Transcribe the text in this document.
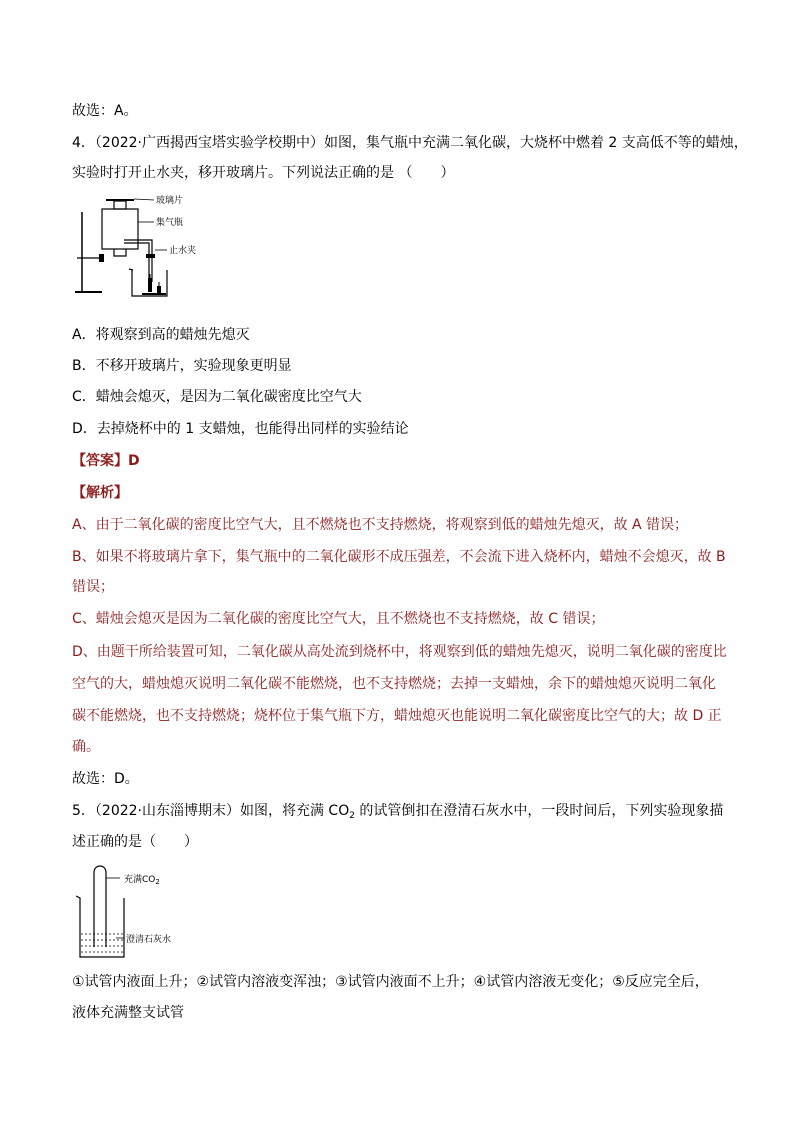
故选：A。
4．（2022·广西揭西宝塔实验学校期中）如图，集气瓶中充满二氧化碳，大烧杯中燃着 2 支高低不等的蜡烛，
实验时打开止水夹，移开玻璃片。下列说法正确的是 （　　）
玻璃片
集气瓶
止水夹
A．将观察到高的蜡烛先熄灭
B．不移开玻璃片，实验现象更明显
C．蜡烛会熄灭，是因为二氧化碳密度比空气大
D．去掉烧杯中的 1 支蜡烛，也能得出同样的实验结论
【答案】D
【解析】
A、由于二氧化碳的密度比空气大，且不燃烧也不支持燃烧，将观察到低的蜡烛先熄灭，故 A 错误；
B、如果不将玻璃片拿下，集气瓶中的二氧化碳形不成压强差，不会流下进入烧杯内，蜡烛不会熄灭，故 B
错误；
C、蜡烛会熄灭是因为二氧化碳的密度比空气大，且不燃烧也不支持燃烧，故 C 错误；
D、由题干所给装置可知，二氧化碳从高处流到烧杯中，将观察到低的蜡烛先熄灭，说明二氧化碳的密度比
空气的大，蜡烛熄灭说明二氧化碳不能燃烧，也不支持燃烧；去掉一支蜡烛，余下的蜡烛熄灭说明二氧化
碳不能燃烧，也不支持燃烧；烧杯位于集气瓶下方，蜡烛熄灭也能说明二氧化碳密度比空气的大；故 D 正
确。
故选：D。
5．（2022·山东淄博期末）如图，将充满 $CO_2$ 的试管倒扣在澄清石灰水中，一段时间后，下列实验现象描
述正确的是（　　）
充满$CO_2$
澄清石灰水
①试管内液面上升；②试管内溶液变浑浊；③试管内液面不上升；④试管内溶液无变化；⑤反应完全后，
液体充满整支试管
